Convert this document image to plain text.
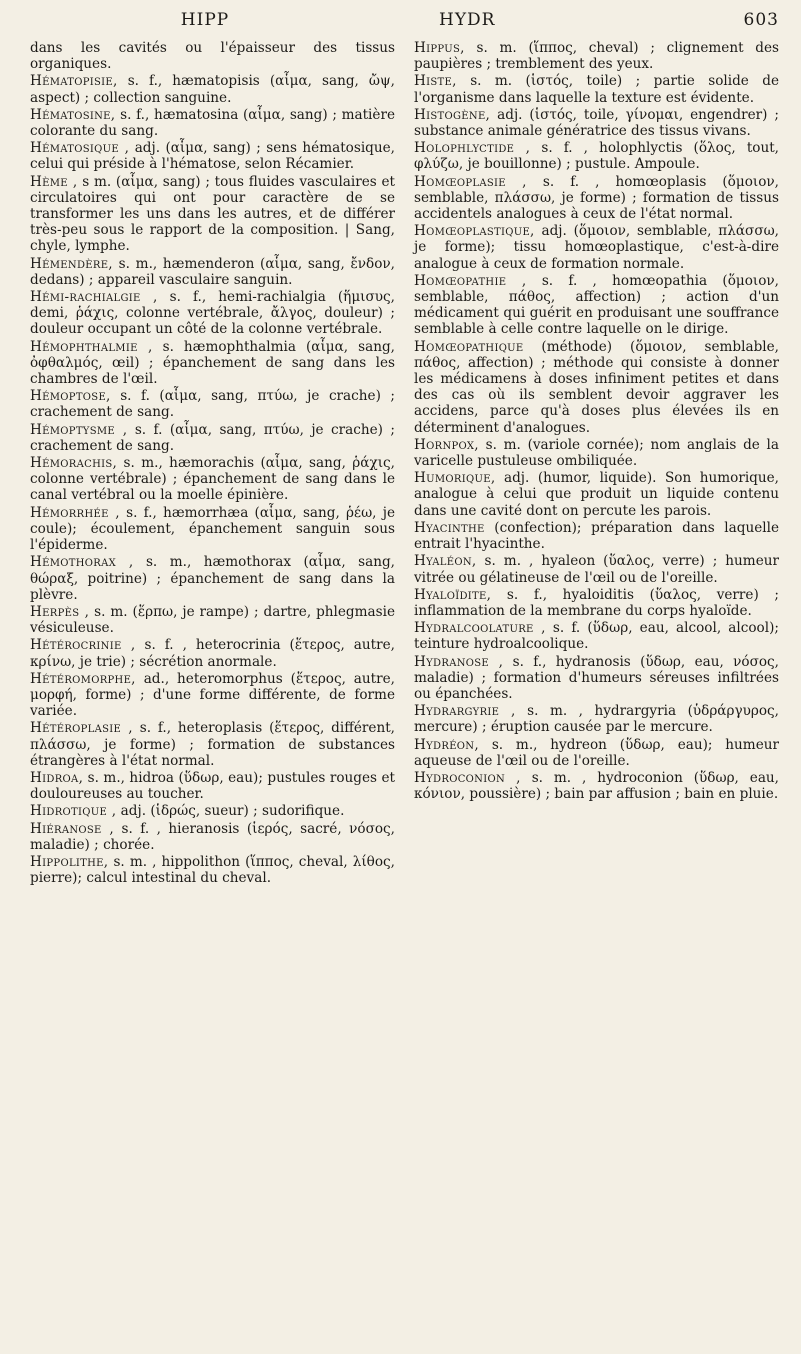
HIPP	HYDR	603

dans les cavités ou l'épaisseur des tissus organiques.

Hématopisie, s. f., hæmatopisis (αἷμα, sang, ὤψ, aspect) ; collection sanguine.

Hématosine, s. f., hæmatosina (αἷμα, sang) ; matière colorante du sang.

Hématosique , adj. (αἷμα, sang) ; sens hématosique, celui qui préside à l'hématose, selon Récamier.

Hème , s m. (αἷμα, sang) ; tous fluides vasculaires et circulatoires qui ont pour caractère de se transformer les uns dans les autres, et de différer très-peu sous le rapport de la composition. | Sang, chyle, lymphe.

Hémendère, s. m., hæmenderon (αἷμα, sang, ἔνδον, dedans) ; appareil vasculaire sanguin.

Hémi-rachialgie , s. f., hemi-rachialgia (ἥμισυς, demi, ῥάχις, colonne vertébrale, ἄλγος, douleur) ; douleur occupant un côté de la colonne vertébrale.

Hémophthalmie , s. hæmophthalmia (αἷμα, sang, ὀφθαλμός, œil) ; épanchement de sang dans les chambres de l'œil.

Hémoptose, s. f. (αἷμα, sang, πτύω, je crache) ; crachement de sang.

Hémoptysme , s. f. (αἷμα, sang, πτύω, je crache) ; crachement de sang.

Hémorachis, s. m., hæmorachis (αἷμα, sang, ῥάχις, colonne vertébrale) ; épanchement de sang dans le canal vertébral ou la moelle épinière.

Hémorrhée , s. f., hæmorrhæa (αἷμα, sang, ῥέω, je coule); écoulement, épanchement sanguin sous l'épiderme.

Hémothorax , s. m., hæmothorax (αἷμα, sang, θώραξ, poitrine) ; épanchement de sang dans la plèvre.

Herpès , s. m. (ἕρπω, je rampe) ; dartre, phlegmasie vésiculeuse.

Hétérocrinie , s. f. , heterocrinia (ἕτερος, autre, κρίνω, je trie) ; sécrétion anormale.

Hétéromorphe, ad., heteromorphus (ἕτερος, autre, μορφή, forme) ; d'une forme différente, de forme variée.

Hétéroplasie , s. f., heteroplasis (ἕτερος, différent, πλάσσω, je forme) ; formation de substances étrangères à l'état normal.

Hidroa, s. m., hidroa (ὕδωρ, eau); pustules rouges et douloureuses au toucher.

Hidrotique , adj. (ἱδρώς, sueur) ; sudorifique.

Hiéranose , s. f. , hieranosis (ἱερός, sacré, νόσος, maladie) ; chorée.

Hippolithe, s. m. , hippolithon (ἵππος, cheval, λίθος, pierre); calcul intestinal du cheval.

Hippus, s. m. (ἵππος, cheval) ; clignement des paupières ; tremblement des yeux.

Histe, s. m. (ἱστός, toile) ; partie solide de l'organisme dans laquelle la texture est évidente.

Histogène, adj. (ἱστός, toile, γίνομαι, engendrer) ; substance animale génératrice des tissus vivans.

Holophlyctide , s. f. , holophlyctis (ὅλος, tout, φλύζω, je bouillonne) ; pustule. Ampoule.

Homœoplasie , s. f. , homœoplasis (ὅμοιον, semblable, πλάσσω, je forme) ; formation de tissus accidentels analogues à ceux de l'état normal.

Homœoplastique, adj. (ὅμοιον, semblable, πλάσσω, je forme); tissu homœoplastique, c'est-à-dire analogue à ceux de formation normale.

Homœopathie , s. f. , homœopathia (ὅμοιον, semblable, πάθος, affection) ; action d'un médicament qui guérit en produisant une souffrance semblable à celle contre laquelle on le dirige.

Homœopathique (méthode) (ὅμοιον, semblable, πάθος, affection) ; méthode qui consiste à donner les médicamens à doses infiniment petites et dans des cas où ils semblent devoir aggraver les accidens, parce qu'à doses plus élevées ils en déterminent d'analogues.

Hornpox, s. m. (variole cornée); nom anglais de la varicelle pustuleuse ombiliquée.

Humorique, adj. (humor, liquide). Son humorique, analogue à celui que produit un liquide contenu dans une cavité dont on percute les parois.

Hyacinthe (confection); préparation dans laquelle entrait l'hyacinthe.

Hyaléon, s. m. , hyaleon (ὕαλος, verre) ; humeur vitrée ou gélatineuse de l'œil ou de l'oreille.

Hyaloïdite, s. f., hyaloiditis (ὕαλος, verre) ; inflammation de la membrane du corps hyaloïde.

Hydralcoolature , s. f. (ὕδωρ, eau, alcool, alcool); teinture hydroalcoolique.

Hydranose , s. f., hydranosis (ὕδωρ, eau, νόσος, maladie) ; formation d'humeurs séreuses infiltrées ou épanchées.

Hydrargyrie , s. m. , hydrargyria (ὑδράργυρος, mercure) ; éruption causée par le mercure.

Hydréon, s. m., hydreon (ὕδωρ, eau); humeur aqueuse de l'œil ou de l'oreille.

Hydroconion , s. m. , hydroconion (ὕδωρ, eau, κόνιον, poussière) ; bain par affusion ; bain en pluie.
